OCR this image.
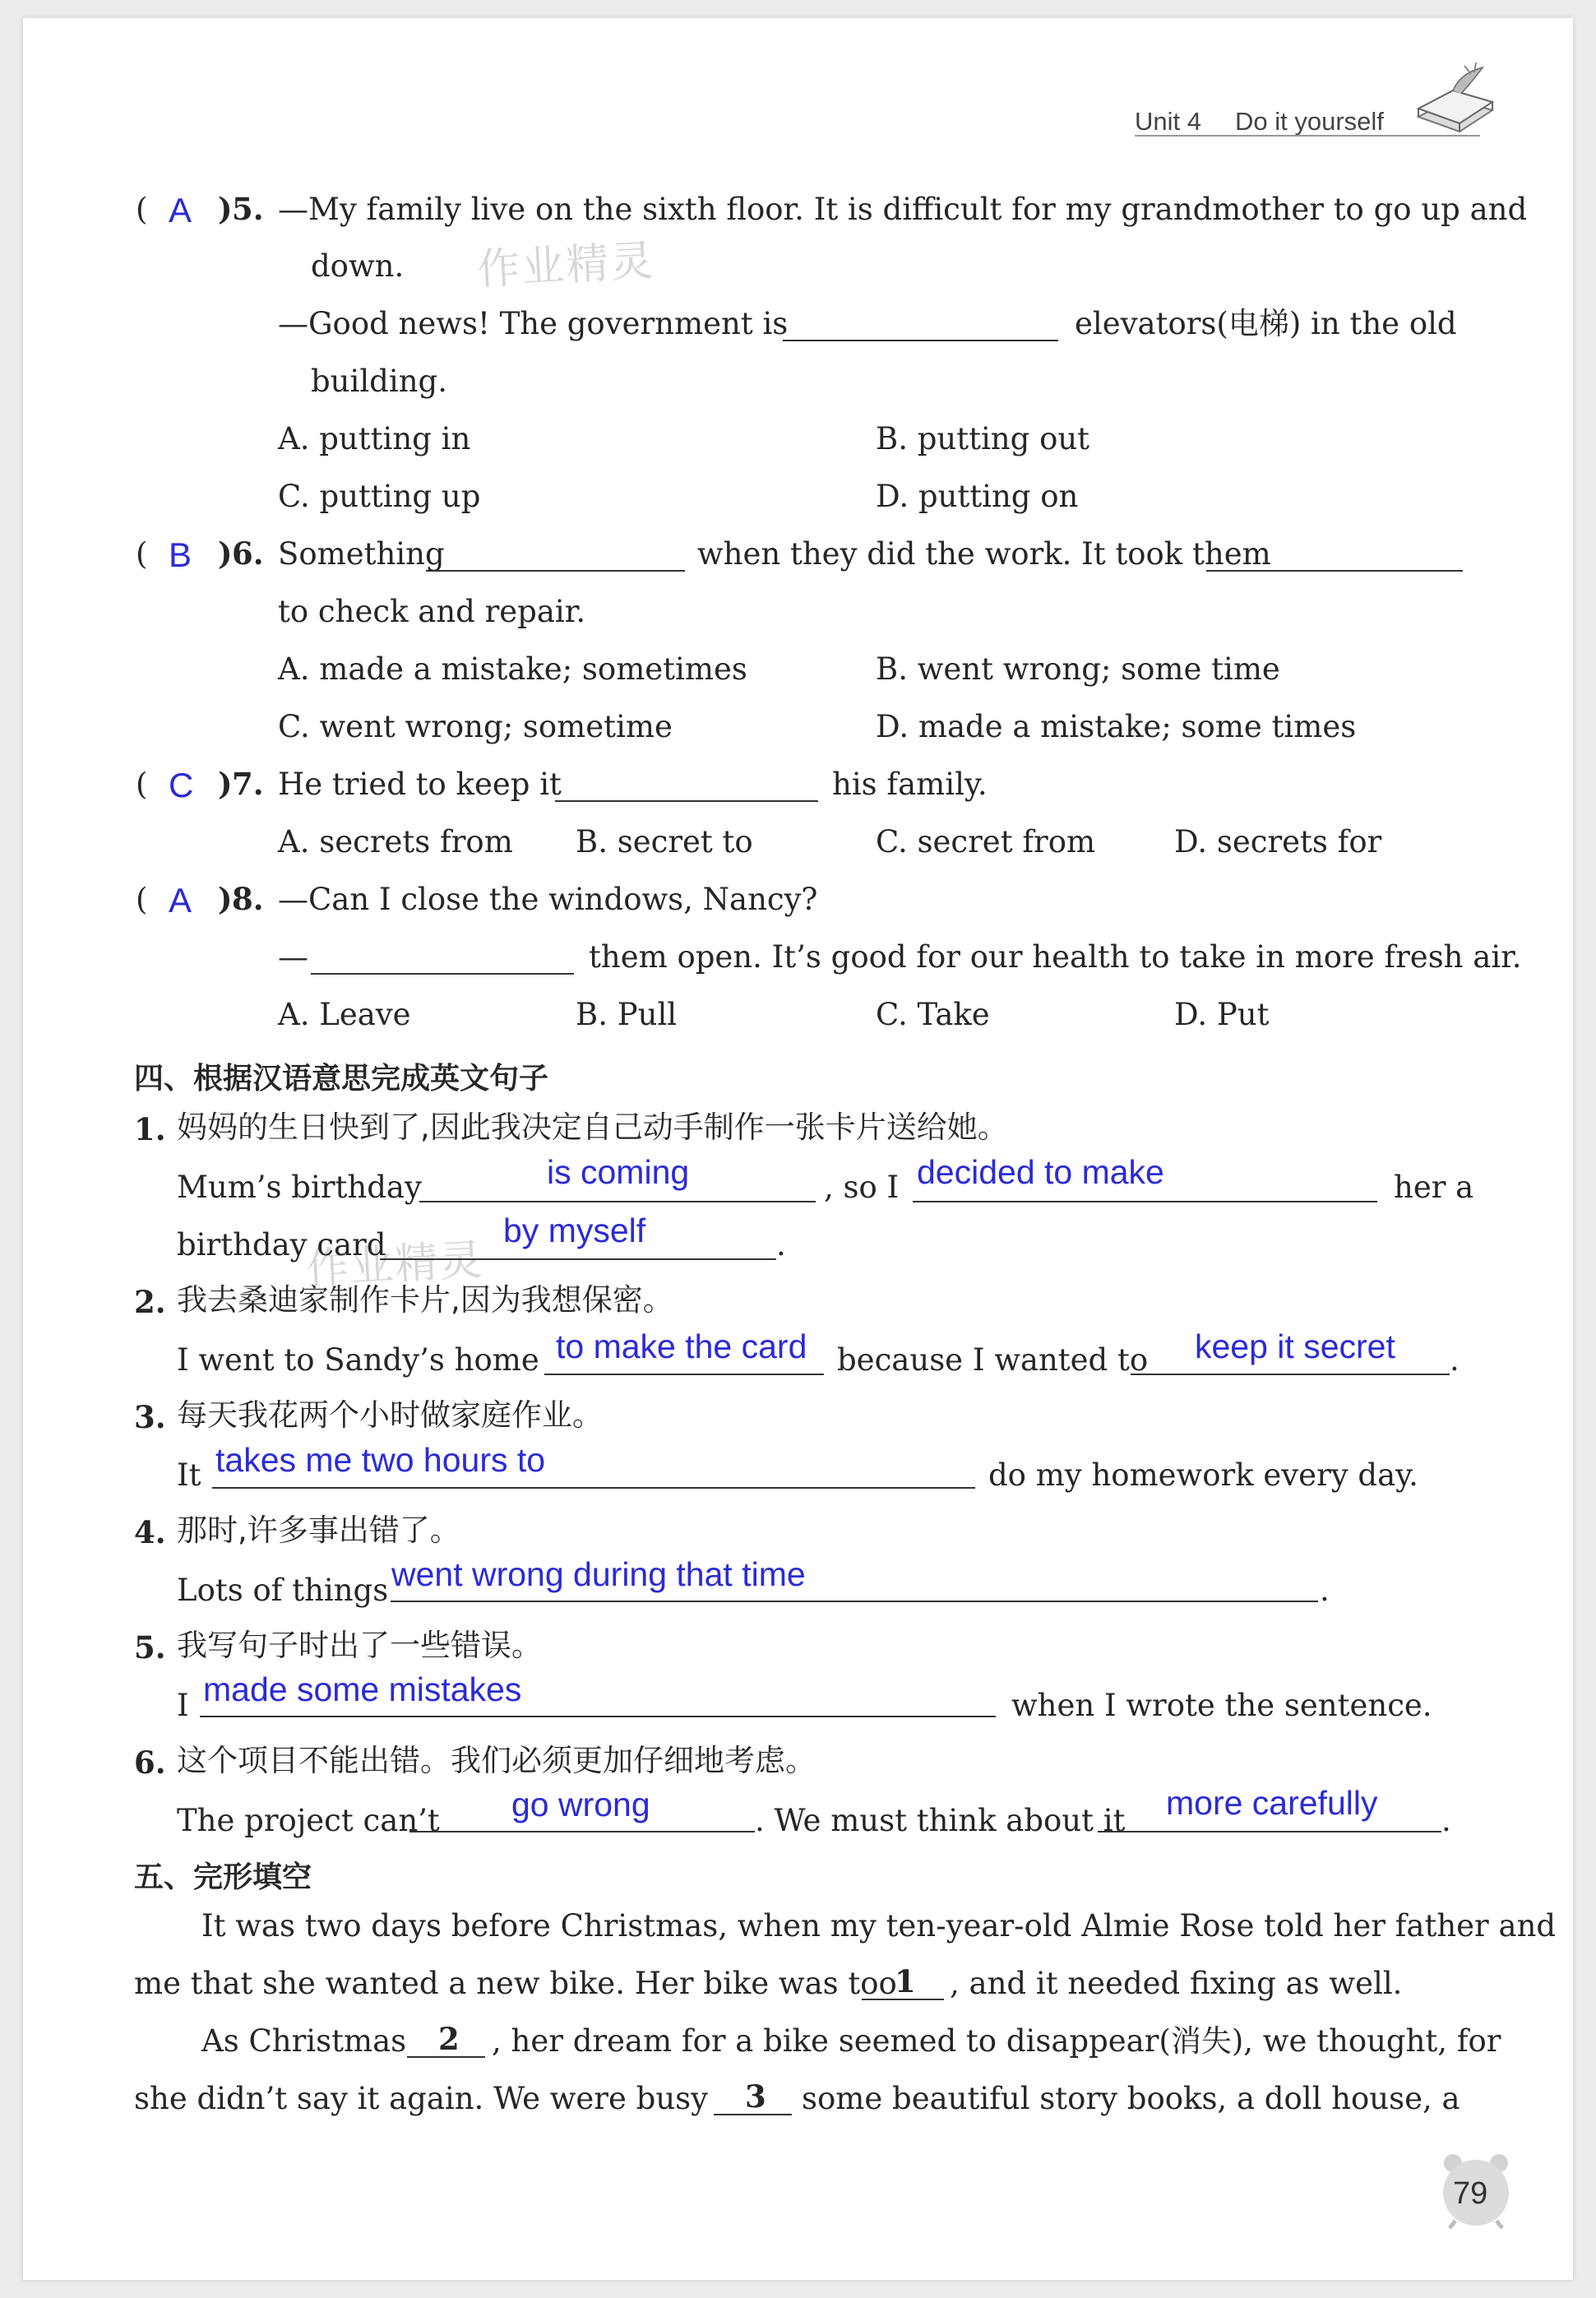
Unit 4 Do it yourself
作业精灵
作业精灵
( A ) 5. —My family live on the sixth floor. It is difficult for my grandmother to go up and
down.
—Good news! The government is	elevators(电梯) in the old
building.
A. putting in	B. putting out
C. putting up	D. putting on
( B ) 6. Something	when they did the work. It took them
to check and repair.
A. made a mistake; sometimes	B. went wrong; some time
C. went wrong; sometime	D. made a mistake; some times
( C ) 7. He tried to keep it	his family.
A. secrets from B. secret to	C. secret from	D. secrets for
( A ) 8. —Can I close the windows, Nancy?
—	them open. It’s good for our health to take in more fresh air.
A. Leave	B. Pull	C. Take	D. Put
四、根据汉语意思完成英文句子
1. 妈妈的生日快到了,因此我决定自己动手制作一张卡片送给她。
Mum’s birthday	is coming	, so I decided to make	her a
birthday card	by myself	.
2. 我去桑迪家制作卡片,因为我想保密。
I went to Sandy’s home to make the card because I wanted to keep it secret .
3. 每天我花两个小时做家庭作业。
It takes me two hours to	do my homework every day.
4. 那时,许多事出错了。
Lots of things went wrong during that time	.
5. 我写句子时出了一些错误。
I made some mistakes	when I wrote the sentence.
6. 这个项目不能出错。我们必须更加仔细地考虑。
The project can’t go wrong	. We must think about it more carefully .
五、完形填空
It was two days before Christmas, when my ten-year-old Almie Rose told her father and
me that she wanted a new bike. Her bike was too
1 , and it needed fixing as well.
As Christmas 2 , her dream for a bike seemed to disappear(消失), we thought, for
she didn’t say it again. We were busy 3 some beautiful story books, a doll house, a
79
